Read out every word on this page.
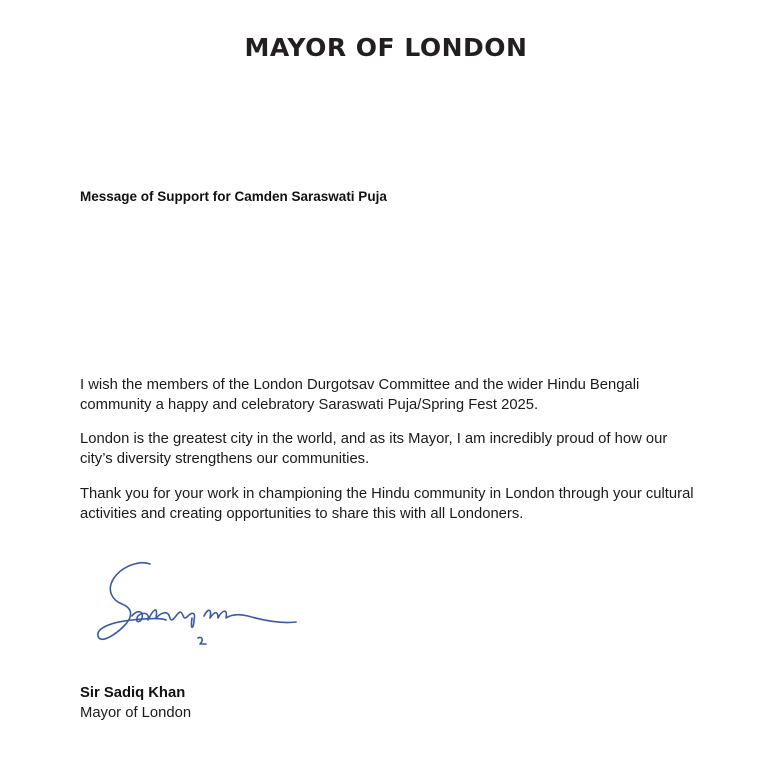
MAYOR OF LONDON
Message of Support for Camden Saraswati Puja
I wish the members of the London Durgotsav Committee and the wider Hindu Bengali
community a happy and celebratory Saraswati Puja/Spring Fest 2025.
London is the greatest city in the world, and as its Mayor, I am incredibly proud of how our
city’s diversity strengthens our communities.
Thank you for your work in championing the Hindu community in London through your cultural
activities and creating opportunities to share this with all Londoners.
Sir Sadiq Khan
Mayor of London
